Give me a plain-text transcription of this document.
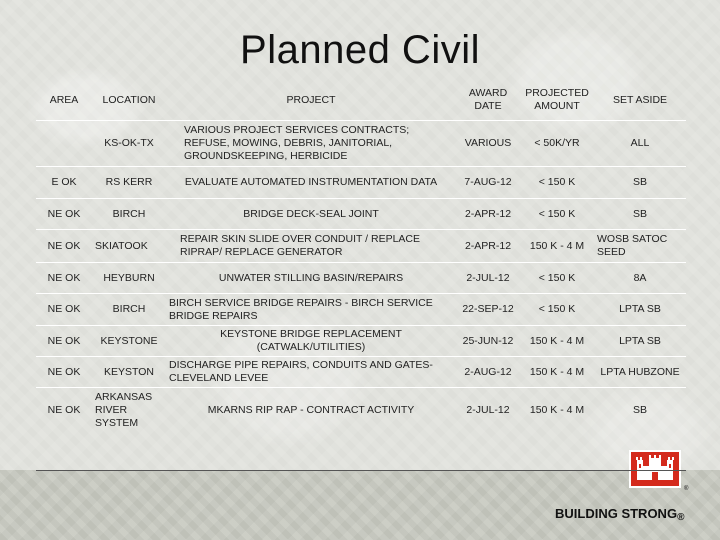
Planned Civil
AREA	LOCATION	PROJECT	AWARD DATE	PROJECTED AMOUNT	SET ASIDE
	KS-OK-TX	VARIOUS PROJECT SERVICES CONTRACTS; REFUSE, MOWING, DEBRIS, JANITORIAL, GROUNDSKEEPING, HERBICIDE	VARIOUS	< 50K/YR	ALL
E OK	RS KERR	EVALUATE AUTOMATED INSTRUMENTATION DATA	7-AUG-12	< 150 K	SB
NE OK	BIRCH	BRIDGE DECK-SEAL JOINT	2-APR-12	< 150 K	SB
NE OK	SKIATOOK	REPAIR SKIN SLIDE OVER CONDUIT / REPLACE RIPRAP/ REPLACE GENERATOR	2-APR-12	150 K - 4 M	WOSB SATOC SEED
NE OK	HEYBURN	UNWATER STILLING BASIN/REPAIRS	2-JUL-12	< 150 K	8A
NE OK	BIRCH	BIRCH SERVICE BRIDGE REPAIRS - BIRCH SERVICE BRIDGE REPAIRS	22-SEP-12	< 150 K	LPTA SB
NE OK	KEYSTONE	KEYSTONE BRIDGE REPLACEMENT (CATWALK/UTILITIES)	25-JUN-12	150 K - 4 M	LPTA SB
NE OK	KEYSTON	DISCHARGE PIPE REPAIRS, CONDUITS AND GATES- CLEVELAND LEVEE	2-AUG-12	150 K - 4 M	LPTA HUBZONE
NE OK	ARKANSAS RIVER SYSTEM	MKARNS RIP RAP - CONTRACT ACTIVITY	2-JUL-12	150 K - 4 M	SB
®
BUILDING STRONG®
